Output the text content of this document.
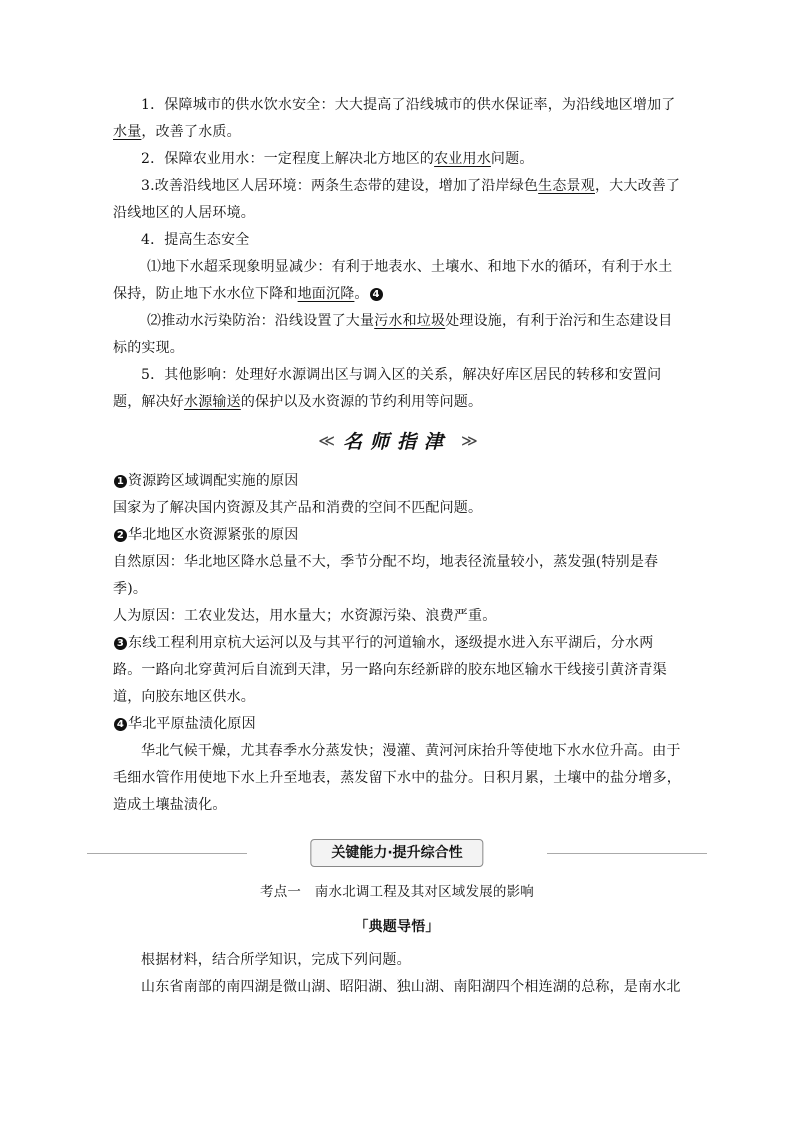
1．保障城市的供水饮水安全：大大提高了沿线城市的供水保证率，为沿线地区增加了水量，改善了水质。

2．保障农业用水：一定程度上解决北方地区的农业用水问题。

3.改善沿线地区人居环境：两条生态带的建设，增加了沿岸绿色生态景观，大大改善了沿线地区的人居环境。

4．提高生态安全

⑴地下水超采现象明显减少：有利于地表水、土壤水、和地下水的循环，有利于水土保持，防止地下水水位下降和地面沉降。 4

⑵推动水污染防治：沿线设置了大量污水和垃圾处理设施，有利于治污和生态建设目标的实现。

5．其他影响：处理好水源调出区与调入区的关系，解决好库区居民的转移和安置问题，解决好水源输送的保护以及水资源的节约利用等问题。

≪ 名师指津 ≫

1 资源跨区域调配实施的原因

国家为了解决国内资源及其产品和消费的空间不匹配问题。

2 华北地区水资源紧张的原因

自然原因：华北地区降水总量不大，季节分配不均，地表径流量较小，蒸发强(特别是春季)。

人为原因：工农业发达，用水量大；水资源污染、浪费严重。

3 东线工程利用京杭大运河以及与其平行的河道输水，逐级提水进入东平湖后，分水两路。一路向北穿黄河后自流到天津，另一路向东经新辟的胶东地区输水干线接引黄济青渠道，向胶东地区供水。

4 华北平原盐渍化原因

华北气候干燥，尤其春季水分蒸发快；漫灌、黄河河床抬升等使地下水水位升高。由于毛细水管作用使地下水上升至地表，蒸发留下水中的盐分。日积月累，土壤中的盐分增多，造成土壤盐渍化。

关键能力·提升综合性

考点一　南水北调工程及其对区域发展的影响

「典题导悟」

根据材料，结合所学知识，完成下列问题。

山东省南部的南四湖是微山湖、昭阳湖、独山湖、南阳湖四个相连湖的总称，是南水北
